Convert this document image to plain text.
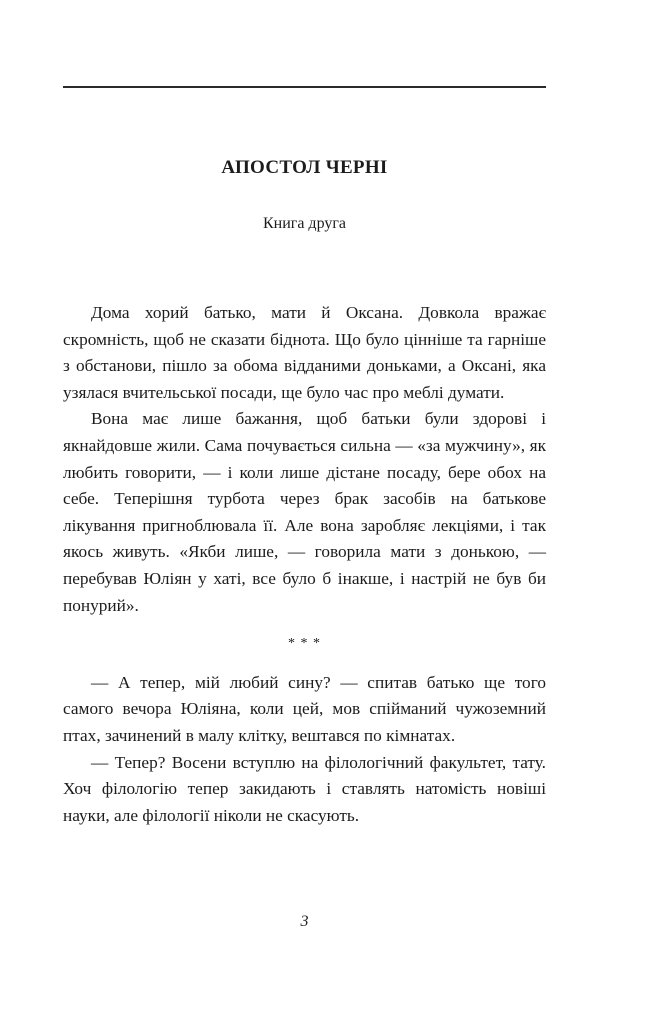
АПОСТОЛ ЧЕРНІ
Книга друга

Дома хорий батько, мати й Оксана. Довкола вражає скромність, щоб не сказати біднота. Що було цінніше та гарніше з обстанови, пішло за обома відданими доньками, а Оксані, яка узялася вчительської посади, ще було час про меблі думати.

Вона має лише бажання, щоб батьки були здорові і якнайдовше жили. Сама почувається сильна — «за мужчину», як любить говорити, — і коли лише дістане посаду, бере обох на себе. Теперішня турбота через брак засобів на батькове лікування пригноблювала її. Але вона заробляє лекціями, і так якось живуть. «Якби лише, — говорила мати з донькою, — перебував Юліян у хаті, все було б інакше, і настрій не був би понурий».

* * *

— А тепер, мій любий сину? — спитав батько ще того самого вечора Юліяна, коли цей, мов спійманий чужоземний птах, зачинений в малу клітку, вештався по кімнатах.

— Тепер? Восени вступлю на філологічний факультет, тату. Хоч філологію тепер закидають і ставлять натомість новіші науки, але філології ніколи не скасують.

3
